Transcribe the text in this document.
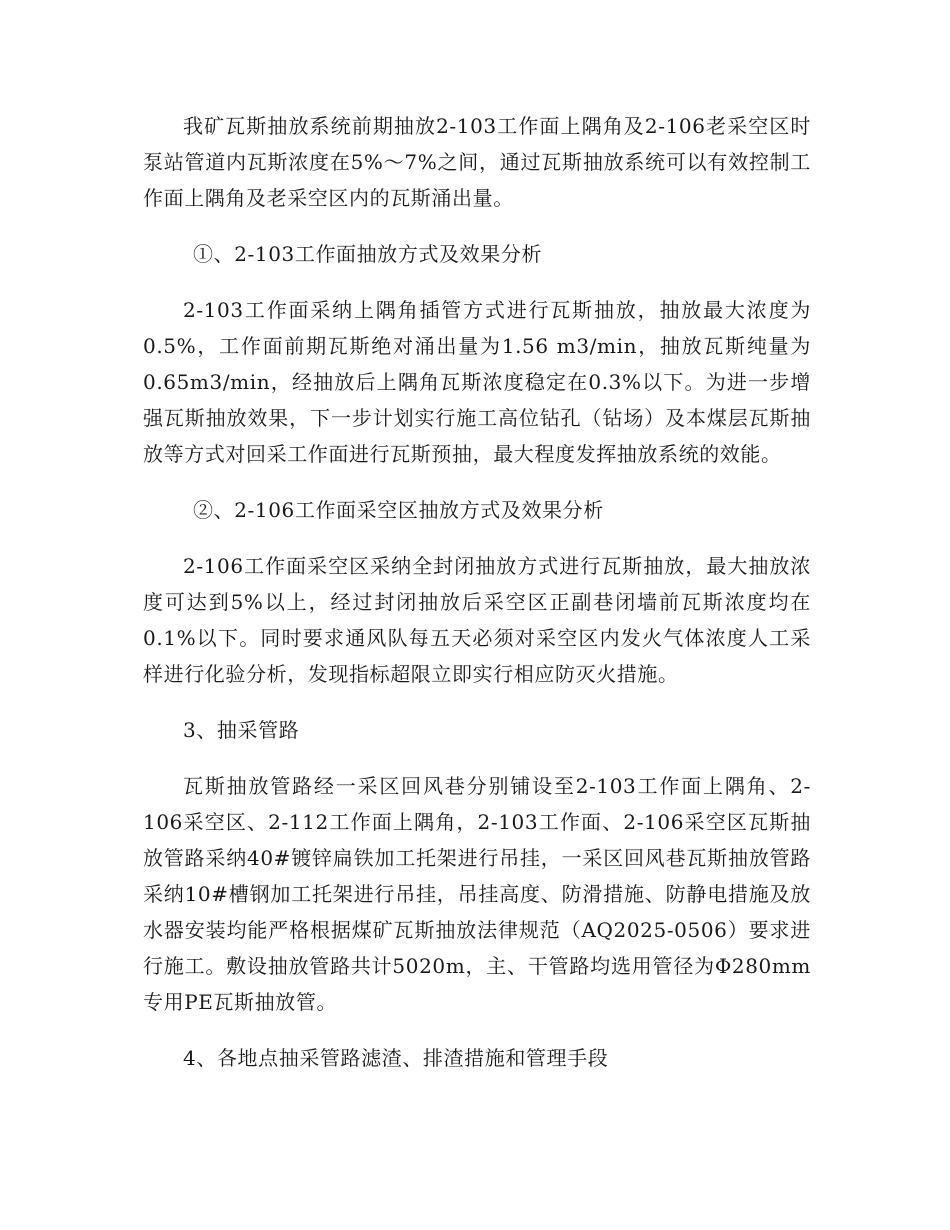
我矿瓦斯抽放系统前期抽放2-103工作面上隅角及2-106老采空区时泵站管道内瓦斯浓度在5%～7%之间，通过瓦斯抽放系统可以有效控制工作面上隅角及老采空区内的瓦斯涌出量。

①、2-103工作面抽放方式及效果分析

2-103工作面采纳上隅角插管方式进行瓦斯抽放，抽放最大浓度为0.5%，工作面前期瓦斯绝对涌出量为1.56 m3/min，抽放瓦斯纯量为0.65m3/min，经抽放后上隅角瓦斯浓度稳定在0.3%以下。为进一步增强瓦斯抽放效果，下一步计划实行施工高位钻孔（钻场）及本煤层瓦斯抽放等方式对回采工作面进行瓦斯预抽，最大程度发挥抽放系统的效能。

②、2-106工作面采空区抽放方式及效果分析

2-106工作面采空区采纳全封闭抽放方式进行瓦斯抽放，最大抽放浓度可达到5%以上，经过封闭抽放后采空区正副巷闭墙前瓦斯浓度均在0.1%以下。同时要求通风队每五天必须对采空区内发火气体浓度人工采样进行化验分析，发现指标超限立即实行相应防灭火措施。

3、抽采管路

瓦斯抽放管路经一采区回风巷分别铺设至2-103工作面上隅角、2-106采空区、2-112工作面上隅角，2-103工作面、2-106采空区瓦斯抽放管路采纳40#镀锌扁铁加工托架进行吊挂，一采区回风巷瓦斯抽放管路采纳10#槽钢加工托架进行吊挂，吊挂高度、防滑措施、防静电措施及放水器安装均能严格根据煤矿瓦斯抽放法律规范（AQ2025-0506）要求进行施工。敷设抽放管路共计5020m，主、干管路均选用管径为Φ280mm专用PE瓦斯抽放管。

4、各地点抽采管路滤渣、排渣措施和管理手段
